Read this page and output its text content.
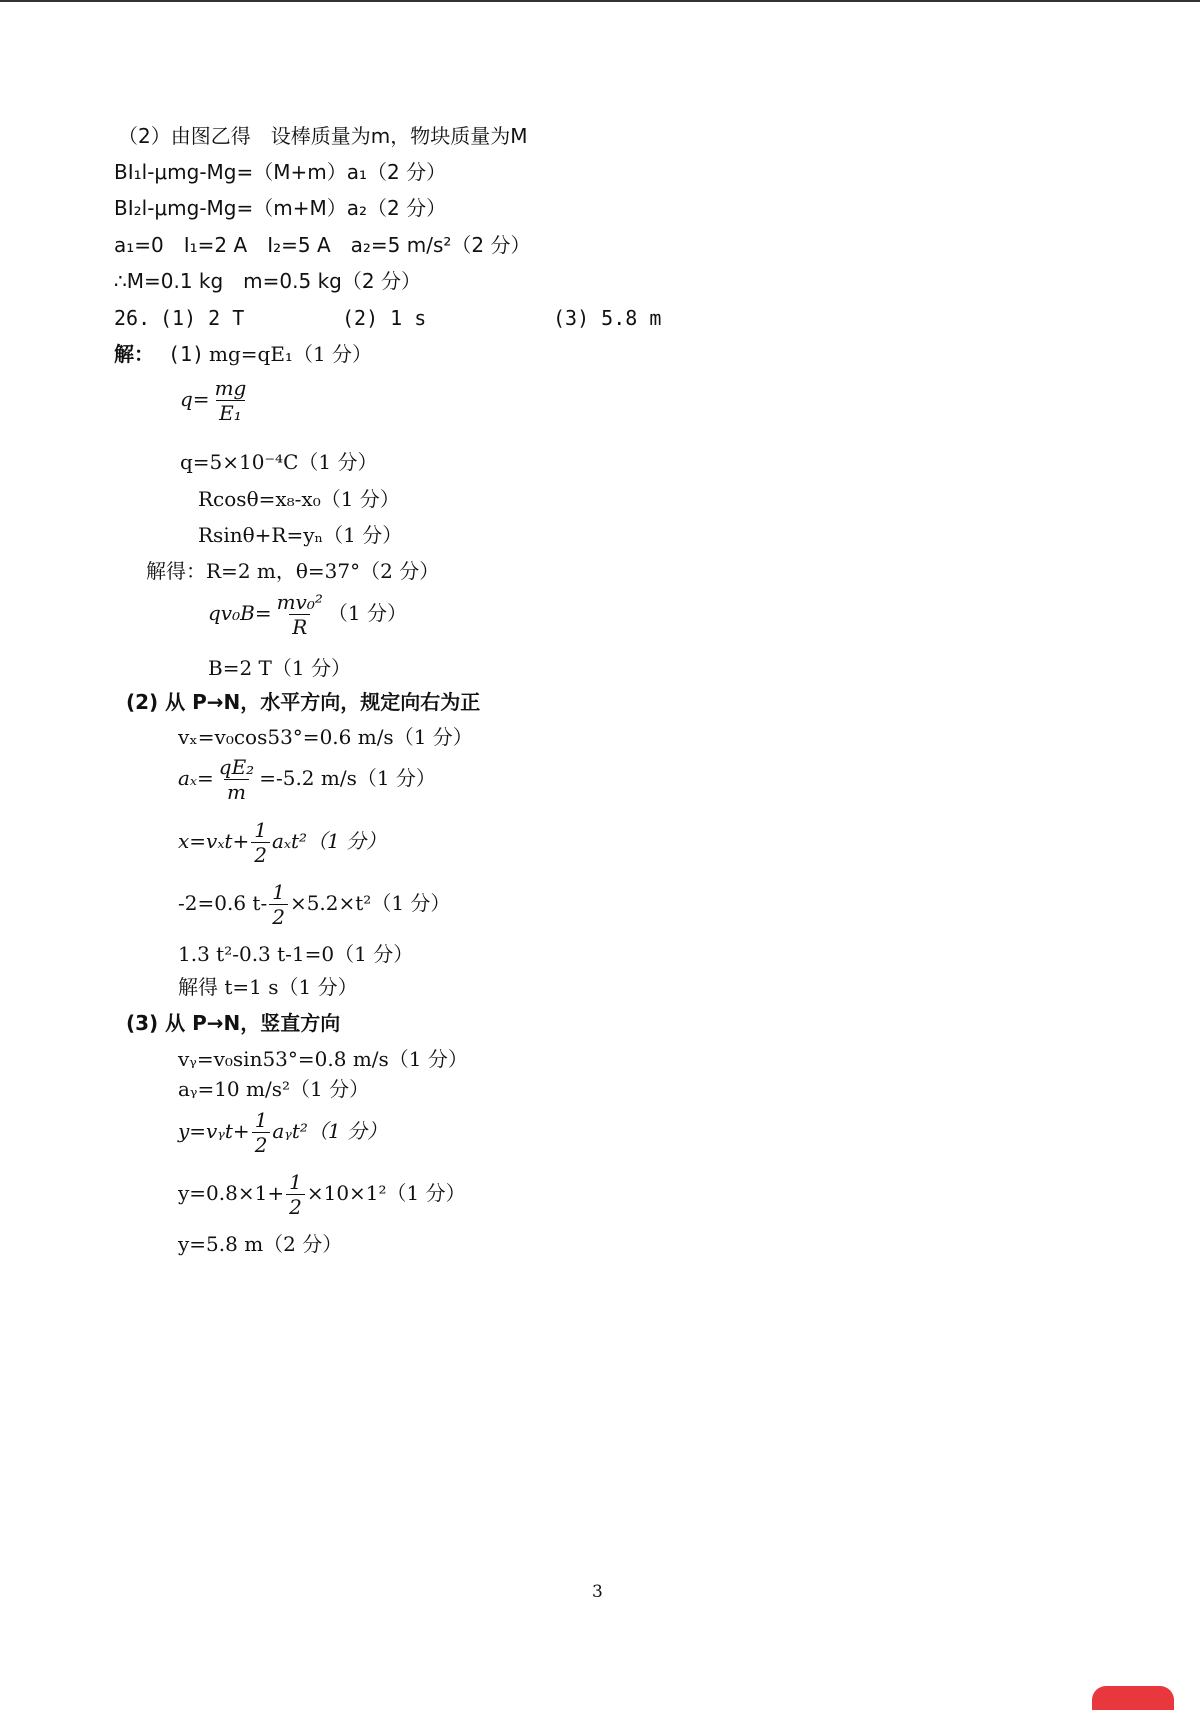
（2）由图乙得　设棒质量为m，物块质量为M
BI₁l-μmg-Mg=（M+m）a₁（2 分）
BI₂l-μmg-Mg=（m+M）a₂（2 分）
a₁=0　I₁=2 A　I₂=5 A　a₂=5 m/s²（2 分）
∴M=0.1 kg　m=0.5 kg（2 分）
26. (1) 2 T	(2) 1 s	(3) 5.8 m
解： (1) mg=qE₁（1 分）
$q= \frac{mg}{\text{E₁}}$
q=5×10⁻⁴C（1 分）
Rcosθ=x₈-x₀（1 分）
Rsinθ+R=yₙ（1 分）
解得：R=2 m，θ=37°（2 分）
$qv_0B= \frac{\text{mv₀²}}{R} (1$ 分）
B=2 T（1 分）
(2) 从 P→N，水平方向，规定向右为正
vₓ=v₀cos53°=0.6 m/s（1 分）
$a_x= \frac{\text{qE₂}}{m} =-5.2$ m/s（1 分）
$x=v_xt+ \frac{1}{2} a_xt^2(1$ 分）
-2=0.6 $t- \frac{1}{2} \times 5.2\times t^2(1$ 分）
1.3 t²-0.3 t-1=0（1 分）
解得 t=1 s（1 分）
(3) 从 P→N，竖直方向
vᵧ=v₀sin53°=0.8 m/s（1 分）
aᵧ=10 m/s²（1 分）
y=vᵧt+ $\frac{1}{2}$ aᵧt²（1 分）
$y=0.8\times 1+ \frac{1}{2} \times 10\times 1^2(1$ 分）
y=5.8 m（2 分）
3
